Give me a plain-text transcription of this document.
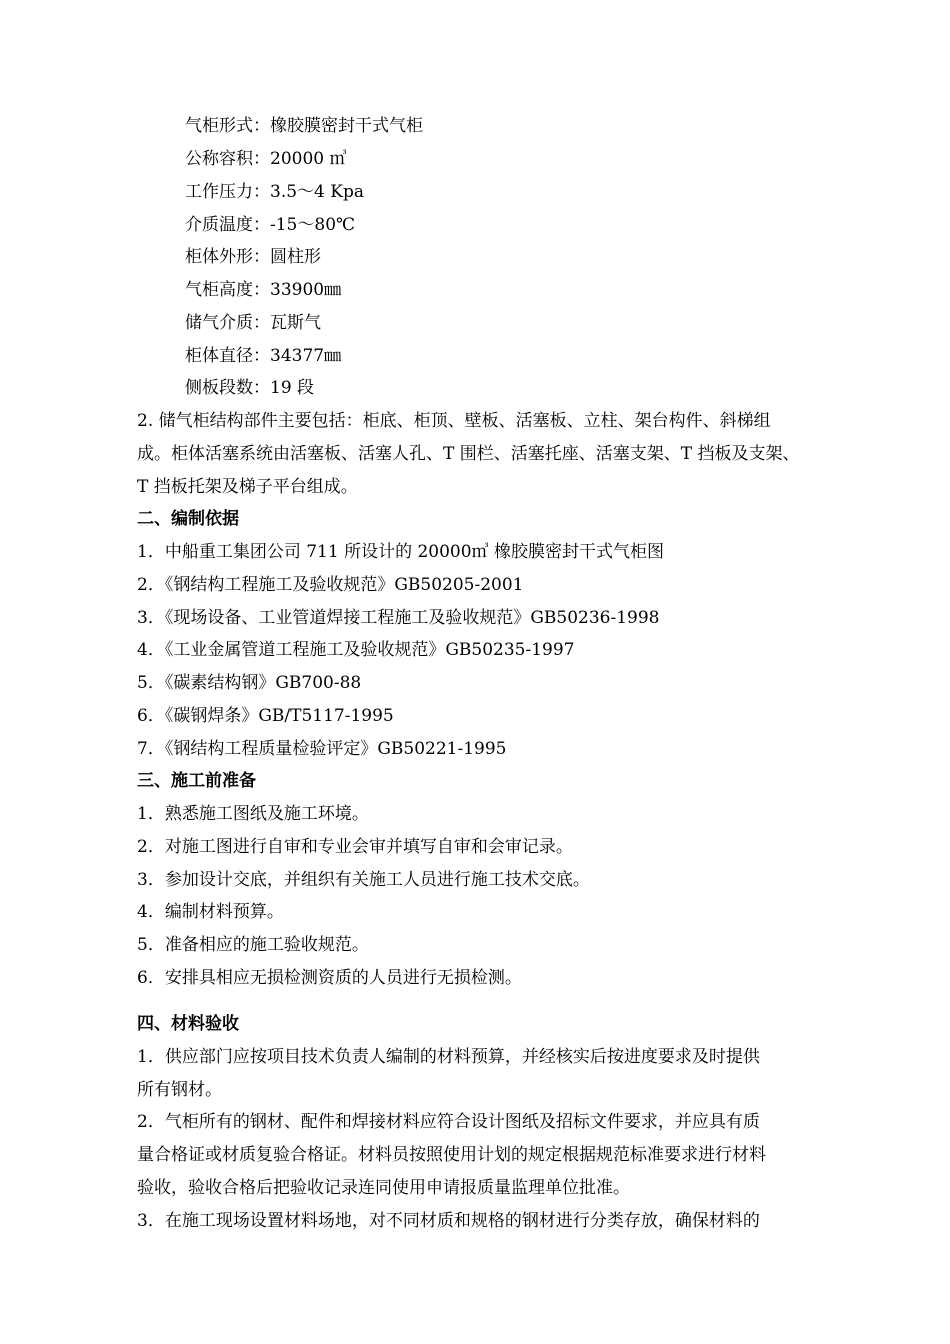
气柜形式：橡胶膜密封干式气柜
公称容积：20000 ㎥
工作压力：3.5～4 Kpa
介质温度：-15～80℃
柜体外形：圆柱形
气柜高度：33900㎜
储气介质：瓦斯气
柜体直径：34377㎜
侧板段数：19 段
2. 储气柜结构部件主要包括：柜底、柜顶、壁板、活塞板、立柱、架台构件、斜梯组
成。柜体活塞系统由活塞板、活塞人孔、T 围栏、活塞托座、活塞支架、T 挡板及支架、
T 挡板托架及梯子平台组成。
二、编制依据
1．中船重工集团公司 711 所设计的 20000㎥ 橡胶膜密封干式气柜图
2．《钢结构工程施工及验收规范》GB50205-2001
3．《现场设备、工业管道焊接工程施工及验收规范》GB50236-1998
4．《工业金属管道工程施工及验收规范》GB50235-1997
5．《碳素结构钢》GB700-88
6．《碳钢焊条》GB/T5117-1995
7．《钢结构工程质量检验评定》GB50221-1995
三、施工前准备
1．熟悉施工图纸及施工环境。
2．对施工图进行自审和专业会审并填写自审和会审记录。
3．参加设计交底，并组织有关施工人员进行施工技术交底。
4．编制材料预算。
5．准备相应的施工验收规范。
6．安排具相应无损检测资质的人员进行无损检测。
四、材料验收
1．供应部门应按项目技术负责人编制的材料预算，并经核实后按进度要求及时提供
所有钢材。
2．气柜所有的钢材、配件和焊接材料应符合设计图纸及招标文件要求，并应具有质
量合格证或材质复验合格证。材料员按照使用计划的规定根据规范标准要求进行材料
验收，验收合格后把验收记录连同使用申请报质量监理单位批准。
3．在施工现场设置材料场地，对不同材质和规格的钢材进行分类存放，确保材料的
